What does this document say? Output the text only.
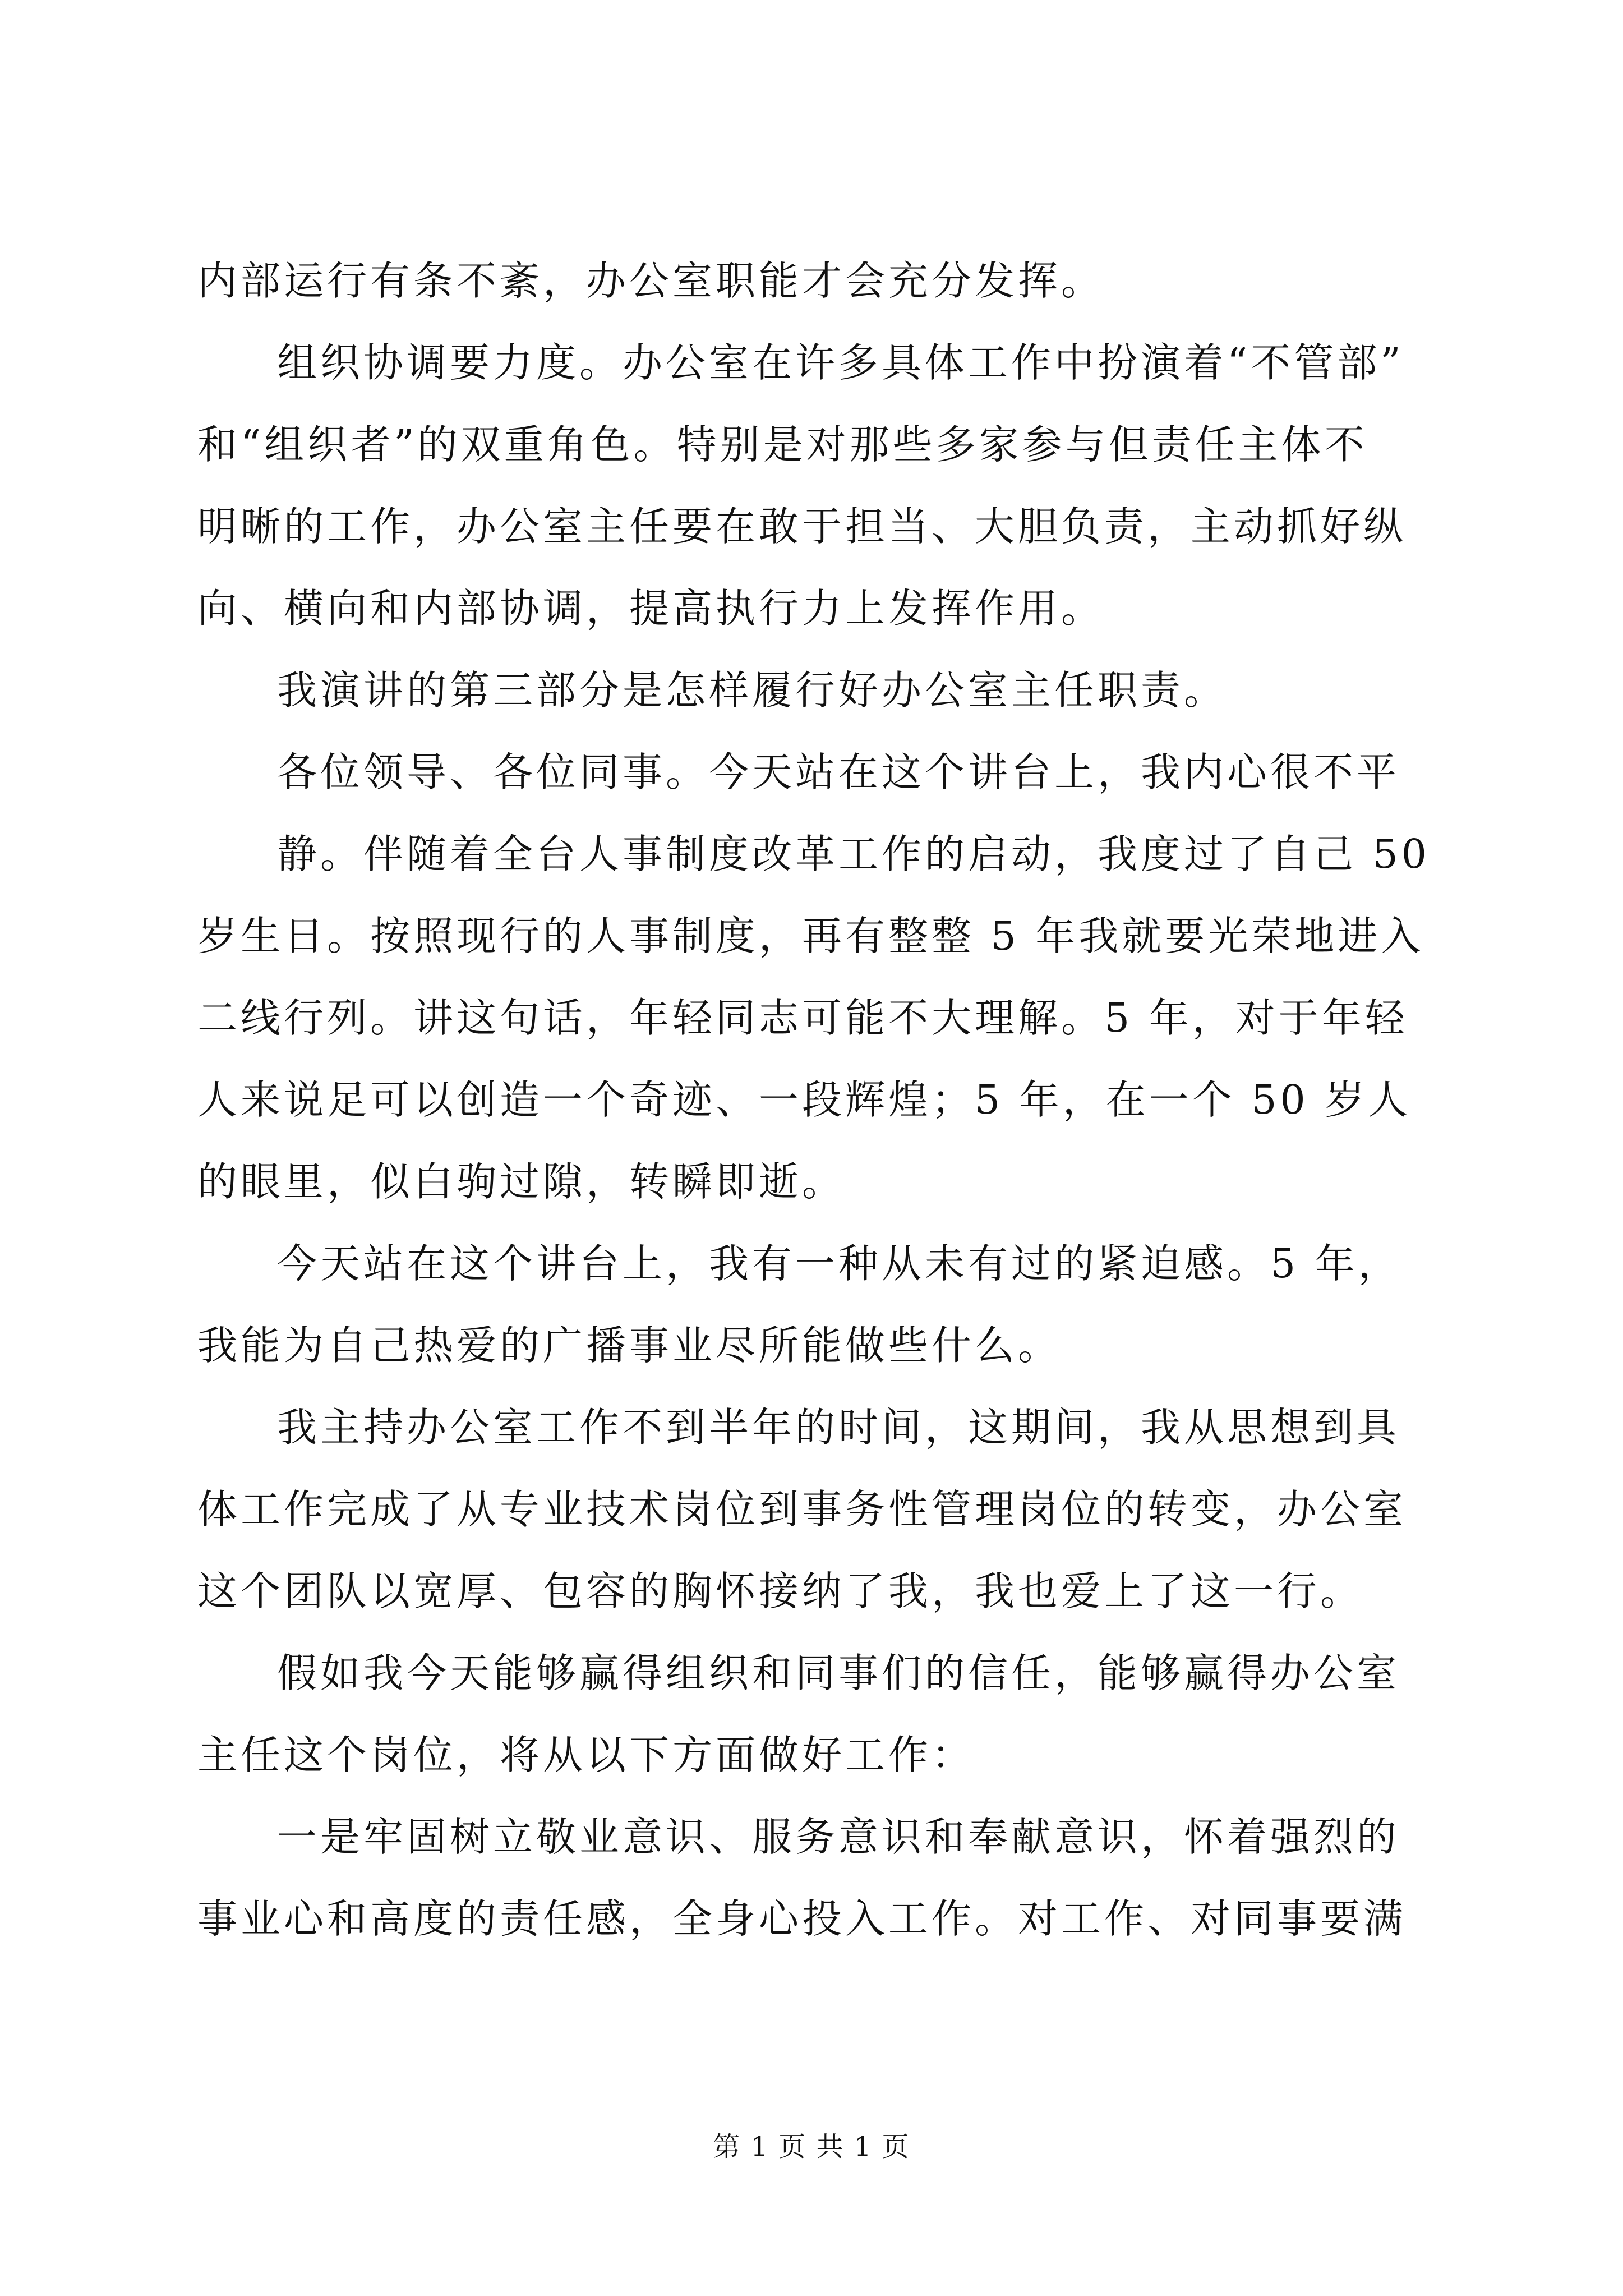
内部运行有条不紊，办公室职能才会充分发挥。
组织协调要力度。办公室在许多具体工作中扮演着“不管部”
和“组织者”的双重角色。特别是对那些多家参与但责任主体不
明晰的工作，办公室主任要在敢于担当、大胆负责，主动抓好纵
向、横向和内部协调，提高执行力上发挥作用。
我演讲的第三部分是怎样履行好办公室主任职责。
各位领导、各位同事。今天站在这个讲台上，我内心很不平
静。伴随着全台人事制度改革工作的启动，我度过了自己 50
岁生日。按照现行的人事制度，再有整整 5 年我就要光荣地进入
二线行列。讲这句话，年轻同志可能不大理解。5 年，对于年轻
人来说足可以创造一个奇迹、一段辉煌；5 年，在一个 50 岁人
的眼里，似白驹过隙，转瞬即逝。
今天站在这个讲台上，我有一种从未有过的紧迫感。5 年，
我能为自己热爱的广播事业尽所能做些什么。
我主持办公室工作不到半年的时间，这期间，我从思想到具
体工作完成了从专业技术岗位到事务性管理岗位的转变，办公室
这个团队以宽厚、包容的胸怀接纳了我，我也爱上了这一行。
假如我今天能够赢得组织和同事们的信任，能够赢得办公室
主任这个岗位，将从以下方面做好工作：
一是牢固树立敬业意识、服务意识和奉献意识，怀着强烈的
事业心和高度的责任感，全身心投入工作。对工作、对同事要满
第 1 页 共 1 页
